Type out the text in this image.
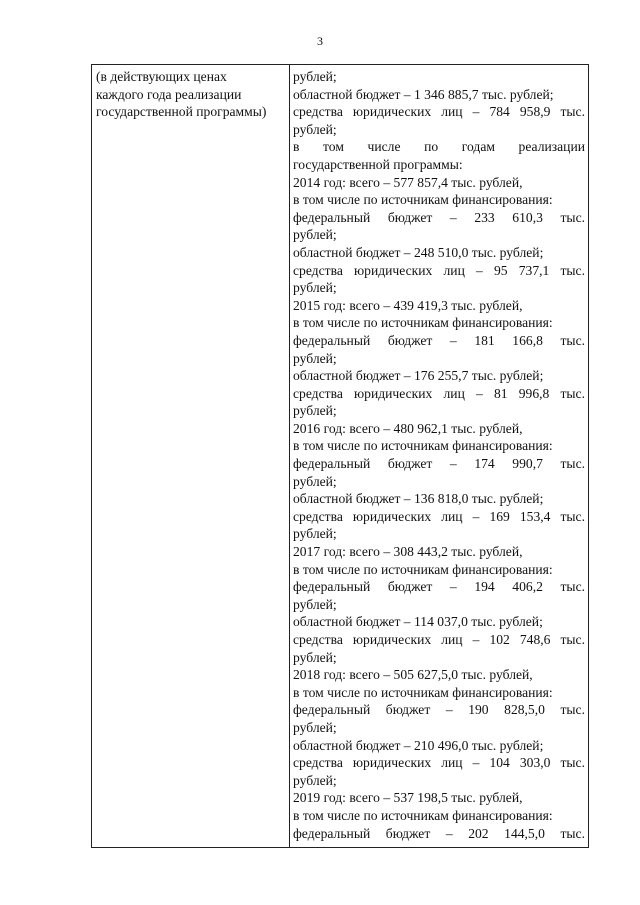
3
(в действующих ценах
каждого года реализации
государственной программы)
рублей;
областной бюджет – 1 346 885,7 тыс. рублей;
средства юридических лиц – 784 958,9 тыс.
рублей;
в том числе по годам реализации
государственной программы:
2014 год: всего – 577 857,4 тыс. рублей,
в том числе по источникам финансирования:
федеральный бюджет – 233 610,3 тыс.
рублей;
областной бюджет – 248 510,0 тыс. рублей;
средства юридических лиц – 95 737,1 тыс.
рублей;
2015 год: всего – 439 419,3 тыс. рублей,
в том числе по источникам финансирования:
федеральный бюджет – 181 166,8 тыс.
рублей;
областной бюджет – 176 255,7 тыс. рублей;
средства юридических лиц – 81 996,8 тыс.
рублей;
2016 год: всего – 480 962,1 тыс. рублей,
в том числе по источникам финансирования:
федеральный бюджет – 174 990,7 тыс.
рублей;
областной бюджет – 136 818,0 тыс. рублей;
средства юридических лиц – 169 153,4 тыс.
рублей;
2017 год: всего – 308 443,2 тыс. рублей,
в том числе по источникам финансирования:
федеральный бюджет – 194 406,2 тыс.
рублей;
областной бюджет – 114 037,0 тыс. рублей;
средства юридических лиц – 102 748,6 тыс.
рублей;
2018 год: всего – 505 627,5,0 тыс. рублей,
в том числе по источникам финансирования:
федеральный бюджет – 190 828,5,0 тыс.
рублей;
областной бюджет – 210 496,0 тыс. рублей;
средства юридических лиц – 104 303,0 тыс.
рублей;
2019 год: всего – 537 198,5 тыс. рублей,
в том числе по источникам финансирования:
федеральный бюджет – 202 144,5,0 тыс.
